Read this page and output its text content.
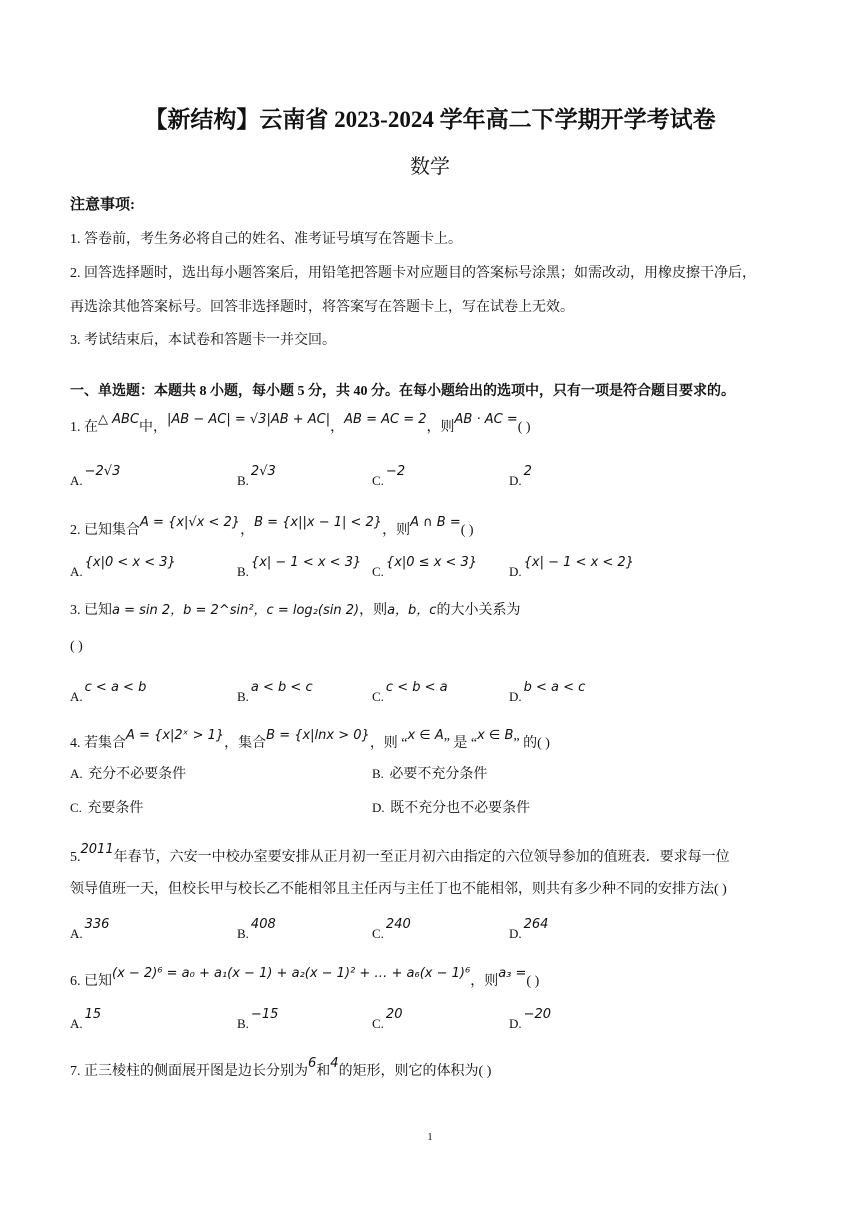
【新结构】云南省 2023-2024 学年高二下学期开学考试卷
数学
注意事项:
1. 答卷前，考生务必将自己的姓名、准考证号填写在答题卡上。
2. 回答选择题时，选出每小题答案后，用铅笔把答题卡对应题目的答案标号涂黑；如需改动，用橡皮擦干净后，
再选涂其他答案标号。回答非选择题时，将答案写在答题卡上，写在试卷上无效。
3. 考试结束后，本试卷和答题卡一并交回。
一、单选题：本题共 8 小题，每小题 5 分，共 40 分。在每小题给出的选项中，只有一项是符合题目要求的。
1. 在△ ABC中，|AB − AC| = √3|AB + AC|，AB = AC = 2，则AB · AC =( )
A.−2√3
B.2√3
C.−2
D.2
2. 已知集合A = {x|√x < 2}，B = {x||x − 1| < 2}，则A ∩ B =( )
A.{x|0 < x < 3}
B.{x| − 1 < x < 3}
C.{x|0 ≤ x < 3}
D.{x| − 1 < x < 2}
3. 已知a = sin 2，b = 2^sin²，c = log₂(sin 2)，则a，b，c的大小关系为
( )
A.c < a < b
B.a < b < c
C.c < b < a
D.b < a < c
4. 若集合A = {x|2ˣ > 1}，集合B = {x|lnx > 0}，则 “x ∈ A” 是 “x ∈ B” 的( )
A. 充分不必要条件	B. 必要不充分条件
C. 充要条件	D. 既不充分也不必要条件
5.2011年春节，六安一中校办室要安排从正月初一至正月初六由指定的六位领导参加的值班表．要求每一位
领导值班一天，但校长甲与校长乙不能相邻且主任丙与主任丁也不能相邻，则共有多少种不同的安排方法( )
A.336
B.408
C.240
D.264
6. 已知(x − 2)⁶ = a₀ + a₁(x − 1) + a₂(x − 1)² + … + a₆(x − 1)⁶，则a₃ =( )
A.15
B.−15
C.20
D.−20
7. 正三棱柱的侧面展开图是边长分别为6和4的矩形，则它的体积为( )
1
